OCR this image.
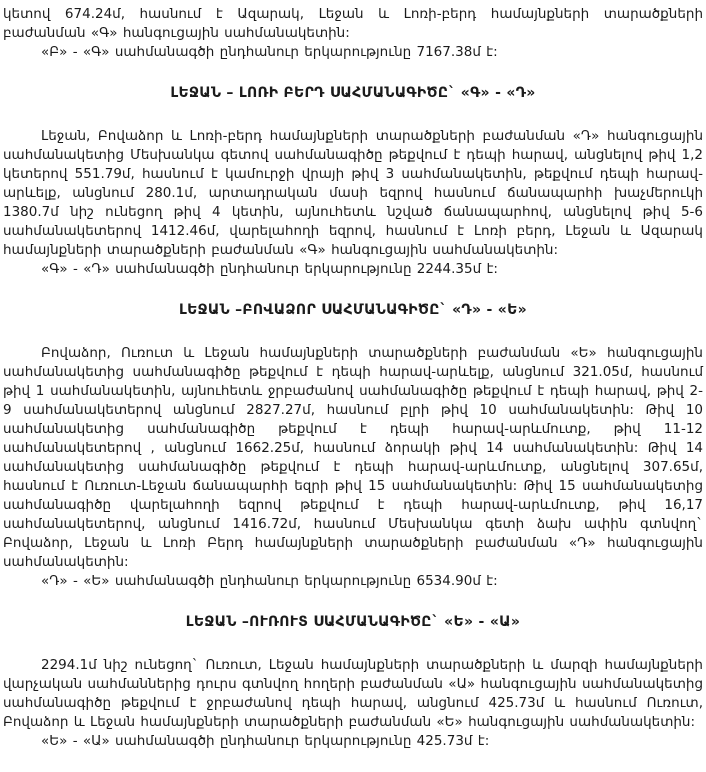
կետով 674.24մ, հասնում է Ազարակ, Լեջան և Լոռի-բերդ համայնքների տարածքների բաժանման «Գ» հանգուցային սահմանակետին:

«Բ» - «Գ» սահմանագծի ընդհանուր երկարությունը 7167.38մ է:

ԼԵՋԱՆ – ԼՈՌԻ ԲԵՐԴ ՍԱՀՄԱՆԱԳԻԾԸ` «Գ» - «Դ»

Լեջան, Բովաձոր և Լոռի-բերդ համայնքների տարածքների բաժանման «Դ» հանգուցային սահմանակետից Մեսխանկա գետով սահմանագիծը թեքվում է դեպի հարավ, անցնելով թիվ 1,2 կետերով 551.79մ, հասնում է կամուրջի վրայի թիվ 3 սահմանակետին, թեքվում դեպի հարավ-արևելք, անցնում 280.1մ, արտադրական մասի եզրով հասնում ճանապարհի խաչմերուկի 1380.7մ նիշ ունեցող թիվ 4 կետին, այնուհետև նշված ճանապարհով, անցնելով թիվ 5-6 սահմանակետերով 1412.46մ, վարելահողի եզրով, հասնում է Լոռի բերդ, Լեջան և Ազարակ համայնքների տարածքների բաժանման «Գ» հանգուցային սահմանակետին:

«Գ» - «Դ» սահմանագծի ընդհանուր երկարությունը 2244.35մ է:

ԼԵՋԱՆ –ԲՈՎԱՁՈՐ ՍԱՀՄԱՆԱԳԻԾԸ` «Դ» - «Ե»

Բովաձոր, Ուռուտ և Լեջան համայնքների տարածքների բաժանման «Ե» հանգուցային սահմանակետից սահմանագիծը թեքվում է դեպի հարավ-արևելք, անցնում 321.05մ, հասնում թիվ 1 սահմանակետին, այնուհետև ջրբաժանով սահմանագիծը թեքվում է դեպի հարավ, թիվ 2-9 սահմանակետերով անցնում 2827.27մ, հասնում բլրի թիվ 10 սահմանակետին: Թիվ 10 սահմանակետից սահմանագիծը թեքվում է դեպի հարավ-արևմուտք, թիվ 11-12 սահմանակետերով , անցնում 1662.25մ, հասնում ձորակի թիվ 14 սահմանակետին: Թիվ 14 սահմանակետից սահմանագիծը թեքվում է դեպի հարավ-արևմուտք, անցնելով 307.65մ, հասնում է Ուռուտ-Լեջան ճանապարհի եզրի թիվ 15 սահմանակետին: Թիվ 15 սահմանակետից սահմանագիծը վարելահողի եզրով թեքվում է դեպի հարավ-արևմուտք, թիվ 16,17 սահմանակետերով, անցնում 1416.72մ, հասնում Մեսխանկա գետի ձախ ափին գտնվող` Բովաձոր, Լեջան և Լոռի Բերդ համայնքների տարածքների բաժանման «Դ» հանգուցային սահմանակետին:

«Դ» - «Ե» սահմանագծի ընդհանուր երկարությունը 6534.90մ է:

ԼԵՋԱՆ –ՈՒՌՈՒՏ ՍԱՀՄԱՆԱԳԻԾԸ` «Ե» - «Ա»

2294.1մ նիշ ունեցող` Ուռուտ, Լեջան համայնքների տարածքների և մարզի համայնքների վարչական սահմաններից դուրս գտնվող հողերի բաժանման «Ա» հանգուցային սահմանակետից սահմանագիծը թեքվում է ջրբաժանով դեպի հարավ, անցնում 425.73մ և հասնում Ուռուտ, Բովաձոր և Լեջան համայնքների տարածքների բաժանման «Ե» հանգուցային սահմանակետին:

«Ե» - «Ա» սահմանագծի ընդհանուր երկարությունը 425.73մ է:
